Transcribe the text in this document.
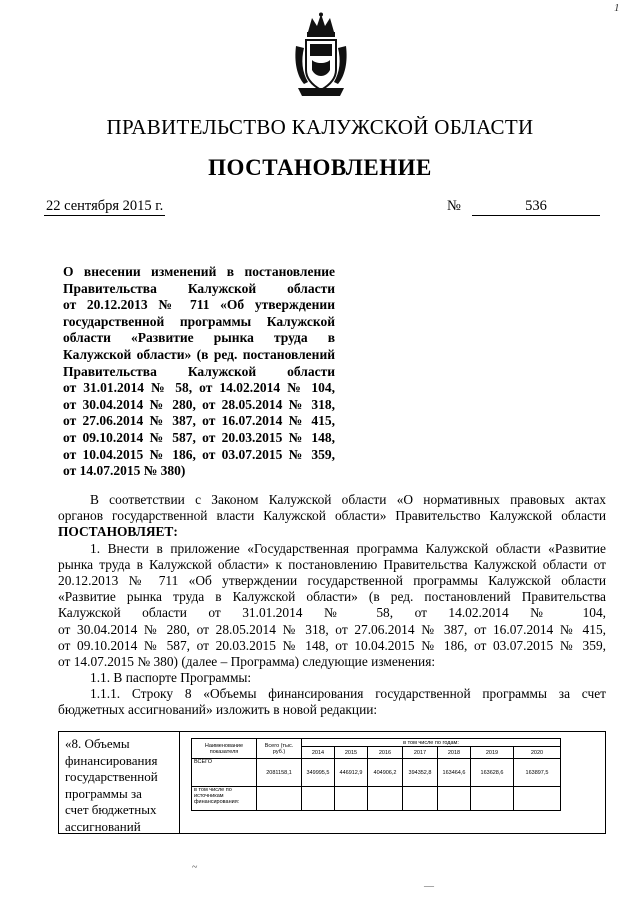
1
ПРАВИТЕЛЬСТВО КАЛУЖСКОЙ ОБЛАСТИ
ПОСТАНОВЛЕНИЕ
22 сентября 2015 г.	№	536
О внесении изменений в постановление
Правительства Калужской области
от 20.12.2013 № 711 «Об утверждении
государственной программы Калужской
области «Развитие рынка труда в
Калужской области» (в ред. постановлений
Правительства Калужской области
от 31.01.2014 № 58, от 14.02.2014 № 104,
от 30.04.2014 № 280, от 28.05.2014 № 318,
от 27.06.2014 № 387, от 16.07.2014 № 415,
от 09.10.2014 № 587, от 20.03.2015 № 148,
от 10.04.2015 № 186, от 03.07.2015 № 359,
от 14.07.2015 № 380)
В соответствии с Законом Калужской области «О нормативных правовых актах
органов государственной власти Калужской области» Правительство Калужской области
ПОСТАНОВЛЯЕТ:
1. Внести в приложение «Государственная программа Калужской области «Развитие
рынка труда в Калужской области» к постановлению Правительства Калужской области от
20.12.2013 № 711 «Об утверждении государственной программы Калужской области
«Развитие рынка труда в Калужской области» (в ред. постановлений Правительства
Калужской области от 31.01.2014 № 58, от 14.02.2014 № 104,
от 30.04.2014 № 280, от 28.05.2014 № 318, от 27.06.2014 № 387, от 16.07.2014 № 415,
от 09.10.2014 № 587, от 20.03.2015 № 148, от 10.04.2015 № 186, от 03.07.2015 № 359,
от 14.07.2015 № 380) (далее – Программа) следующие изменения:
1.1. В паспорте Программы:
1.1.1. Строку 8 «Объемы финансирования государственной программы за счет
бюджетных ассигнований» изложить в новой редакции:
«8. Объемы
финансирования
государственной
программы за
счет бюджетных
ассигнований
Наименование показателя	Всего (тыс. руб.)	в том числе по годам:						
		2014	2015	2016	2017	2018	2019	2020
ВСЕГО	2081158,1	349995,5	446912,9	404906,2	394352,8	163464,6	163628,6	163897,5
в том числе по источникам финансирования:								
~
—
